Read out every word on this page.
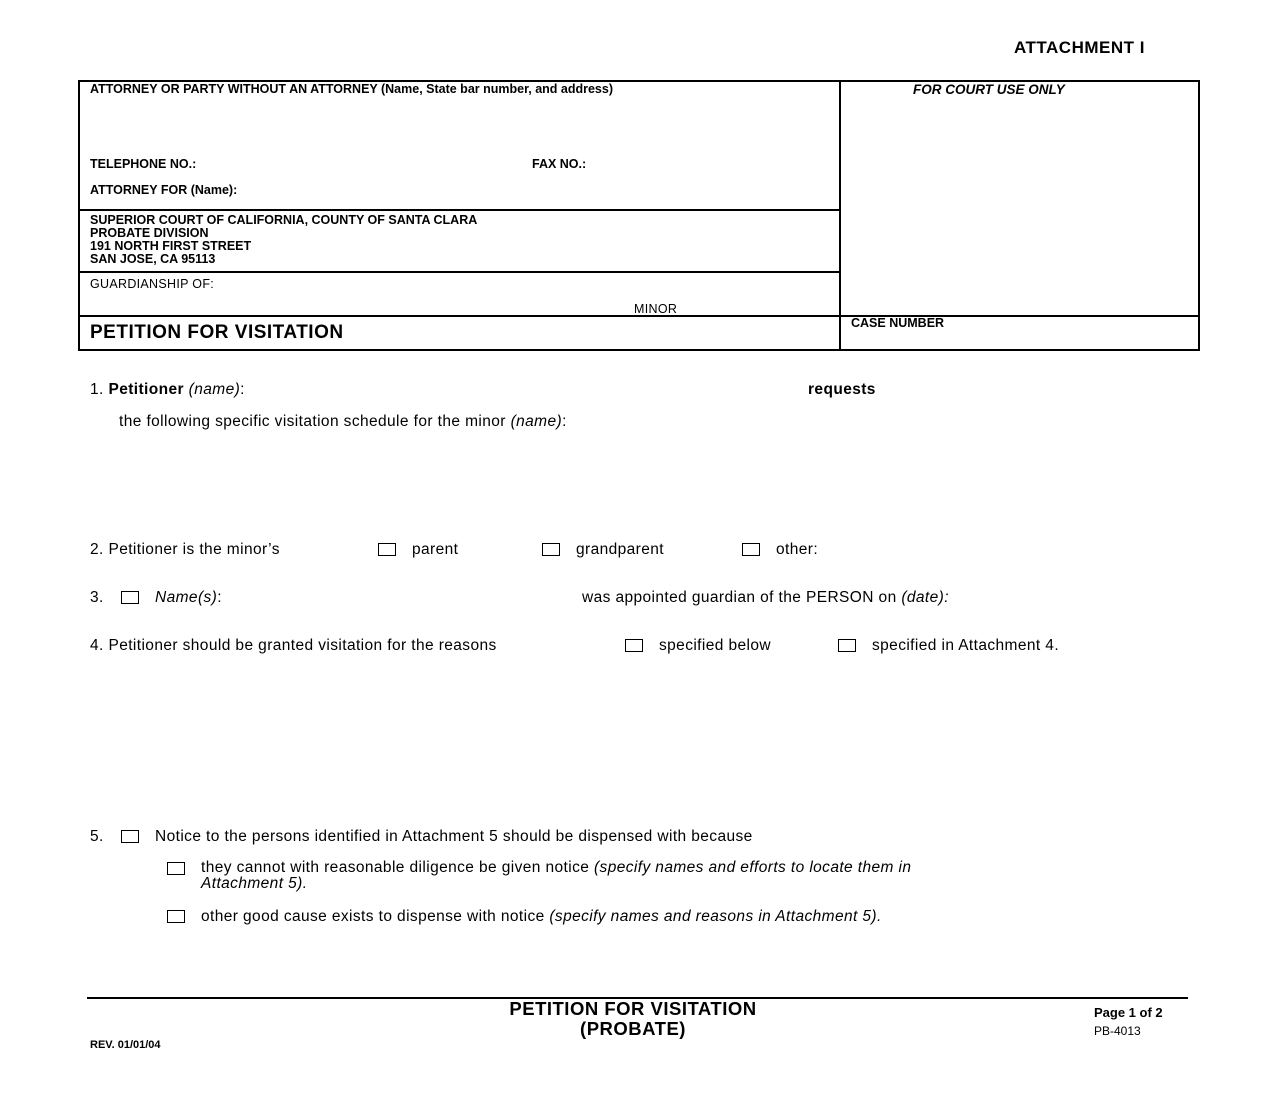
ATTACHMENT I
ATTORNEY OR PARTY WITHOUT AN ATTORNEY (Name, State bar number, and address)	FOR COURT USE ONLY
TELEPHONE NO.:	FAX NO.:
ATTORNEY FOR (Name):
SUPERIOR COURT OF CALIFORNIA, COUNTY OF SANTA CLARA
PROBATE DIVISION
191 NORTH FIRST STREET
SAN JOSE, CA 95113
GUARDIANSHIP OF:
MINOR
PETITION FOR VISITATION	CASE NUMBER
1. Petitioner (name):	requests
the following specific visitation schedule for the minor (name):
2. Petitioner is the minor’s	parent	grandparent	other:
3.	Name(s):	was appointed guardian of the PERSON on (date):
4. Petitioner should be granted visitation for the reasons	specified below	specified in Attachment 4.
5.	Notice to the persons identified in Attachment 5 should be dispensed with because
they cannot with reasonable diligence be given notice (specify names and efforts to locate them in
Attachment 5).
other good cause exists to dispense with notice (specify names and reasons in Attachment 5).
PETITION FOR VISITATION
(PROBATE)
Page 1 of 2
PB-4013
REV. 01/01/04
